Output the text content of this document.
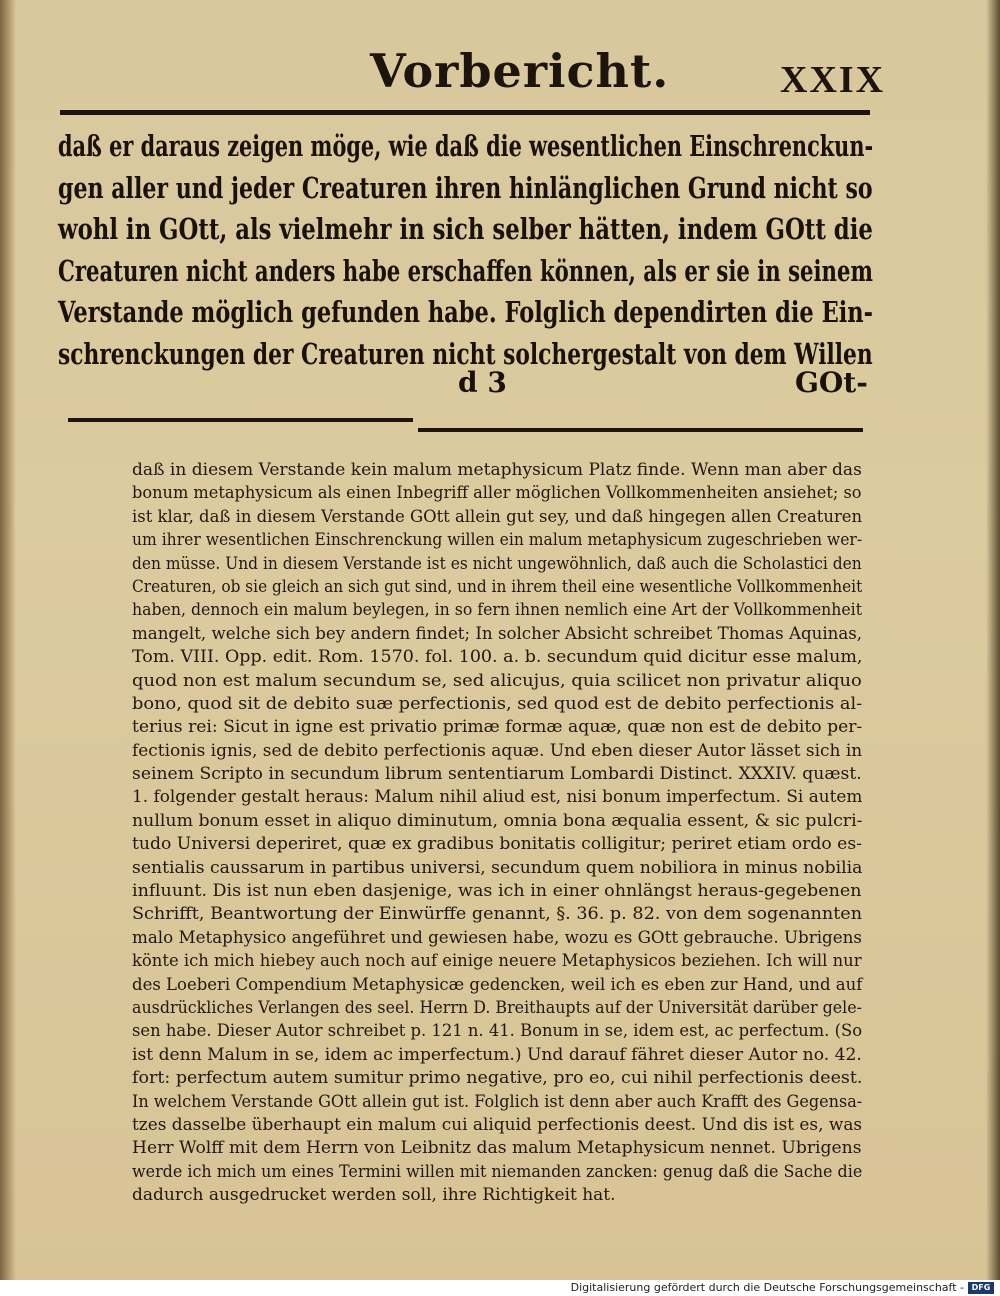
Vorbericht.	XXIX
daß er daraus zeigen möge, wie daß die wesentlichen Einschrenckun-
gen aller und jeder Creaturen ihren hinlänglichen Grund nicht so
wohl in GOtt, als vielmehr in sich selber hätten, indem GOtt die
Creaturen nicht anders habe erschaffen können, als er sie in seinem
Verstande möglich gefunden habe. Folglich dependirten die Ein-
schrenckungen der Creaturen nicht solchergestalt von dem Willen
d 3	GOt-
daß in diesem Verstande kein malum metaphysicum Platz finde. Wenn man aber das
bonum metaphysicum als einen Inbegriff aller möglichen Vollkommenheiten ansiehet; so
ist klar, daß in diesem Verstande GOtt allein gut sey, und daß hingegen allen Creaturen
um ihrer wesentlichen Einschrenckung willen ein malum metaphysicum zugeschrieben wer-
den müsse. Und in diesem Verstande ist es nicht ungewöhnlich, daß auch die Scholastici den
Creaturen, ob sie gleich an sich gut sind, und in ihrem theil eine wesentliche Vollkommenheit
haben, dennoch ein malum beylegen, in so fern ihnen nemlich eine Art der Vollkommenheit
mangelt, welche sich bey andern findet; In solcher Absicht schreibet Thomas Aquinas,
Tom. VIII. Opp. edit. Rom. 1570. fol. 100. a. b. secundum quid dicitur esse malum,
quod non est malum secundum se, sed alicujus, quia scilicet non privatur aliquo
bono, quod sit de debito suæ perfectionis, sed quod est de debito perfectionis al-
terius rei: Sicut in igne est privatio primæ formæ aquæ, quæ non est de debito per-
fectionis ignis, sed de debito perfectionis aquæ. Und eben dieser Autor lässet sich in
seinem Scripto in secundum librum sententiarum Lombardi Distinct. XXXIV. quæst.
1. folgender gestalt heraus: Malum nihil aliud est, nisi bonum imperfectum. Si autem
nullum bonum esset in aliquo diminutum, omnia bona æqualia essent, & sic pulcri-
tudo Universi deperiret, quæ ex gradibus bonitatis colligitur; periret etiam ordo es-
sentialis caussarum in partibus universi, secundum quem nobiliora in minus nobilia
influunt. Dis ist nun eben dasjenige, was ich in einer ohnlängst heraus-gegebenen
Schrifft, Beantwortung der Einwürffe genannt, §. 36. p. 82. von dem sogenannten
malo Metaphysico angeführet und gewiesen habe, wozu es GOtt gebrauche. Ubrigens
könte ich mich hiebey auch noch auf einige neuere Metaphysicos beziehen. Ich will nur
des Loeberi Compendium Metaphysicæ gedencken, weil ich es eben zur Hand, und auf
ausdrückliches Verlangen des seel. Herrn D. Breithaupts auf der Universität darüber gele-
sen habe. Dieser Autor schreibet p. 121 n. 41. Bonum in se, idem est, ac perfectum. (So
ist denn Malum in se, idem ac imperfectum.) Und darauf fähret dieser Autor no. 42.
fort: perfectum autem sumitur primo negative, pro eo, cui nihil perfectionis deest.
In welchem Verstande GOtt allein gut ist. Folglich ist denn aber auch Krafft des Gegensa-
tzes dasselbe überhaupt ein malum cui aliquid perfectionis deest. Und dis ist es, was
Herr Wolff mit dem Herrn von Leibnitz das malum Metaphysicum nennet. Ubrigens
werde ich mich um eines Termini willen mit niemanden zancken: genug daß die Sache die
dadurch ausgedrucket werden soll, ihre Richtigkeit hat.
Digitalisierung gefördert durch die Deutsche Forschungsgemeinschaft - DFG
